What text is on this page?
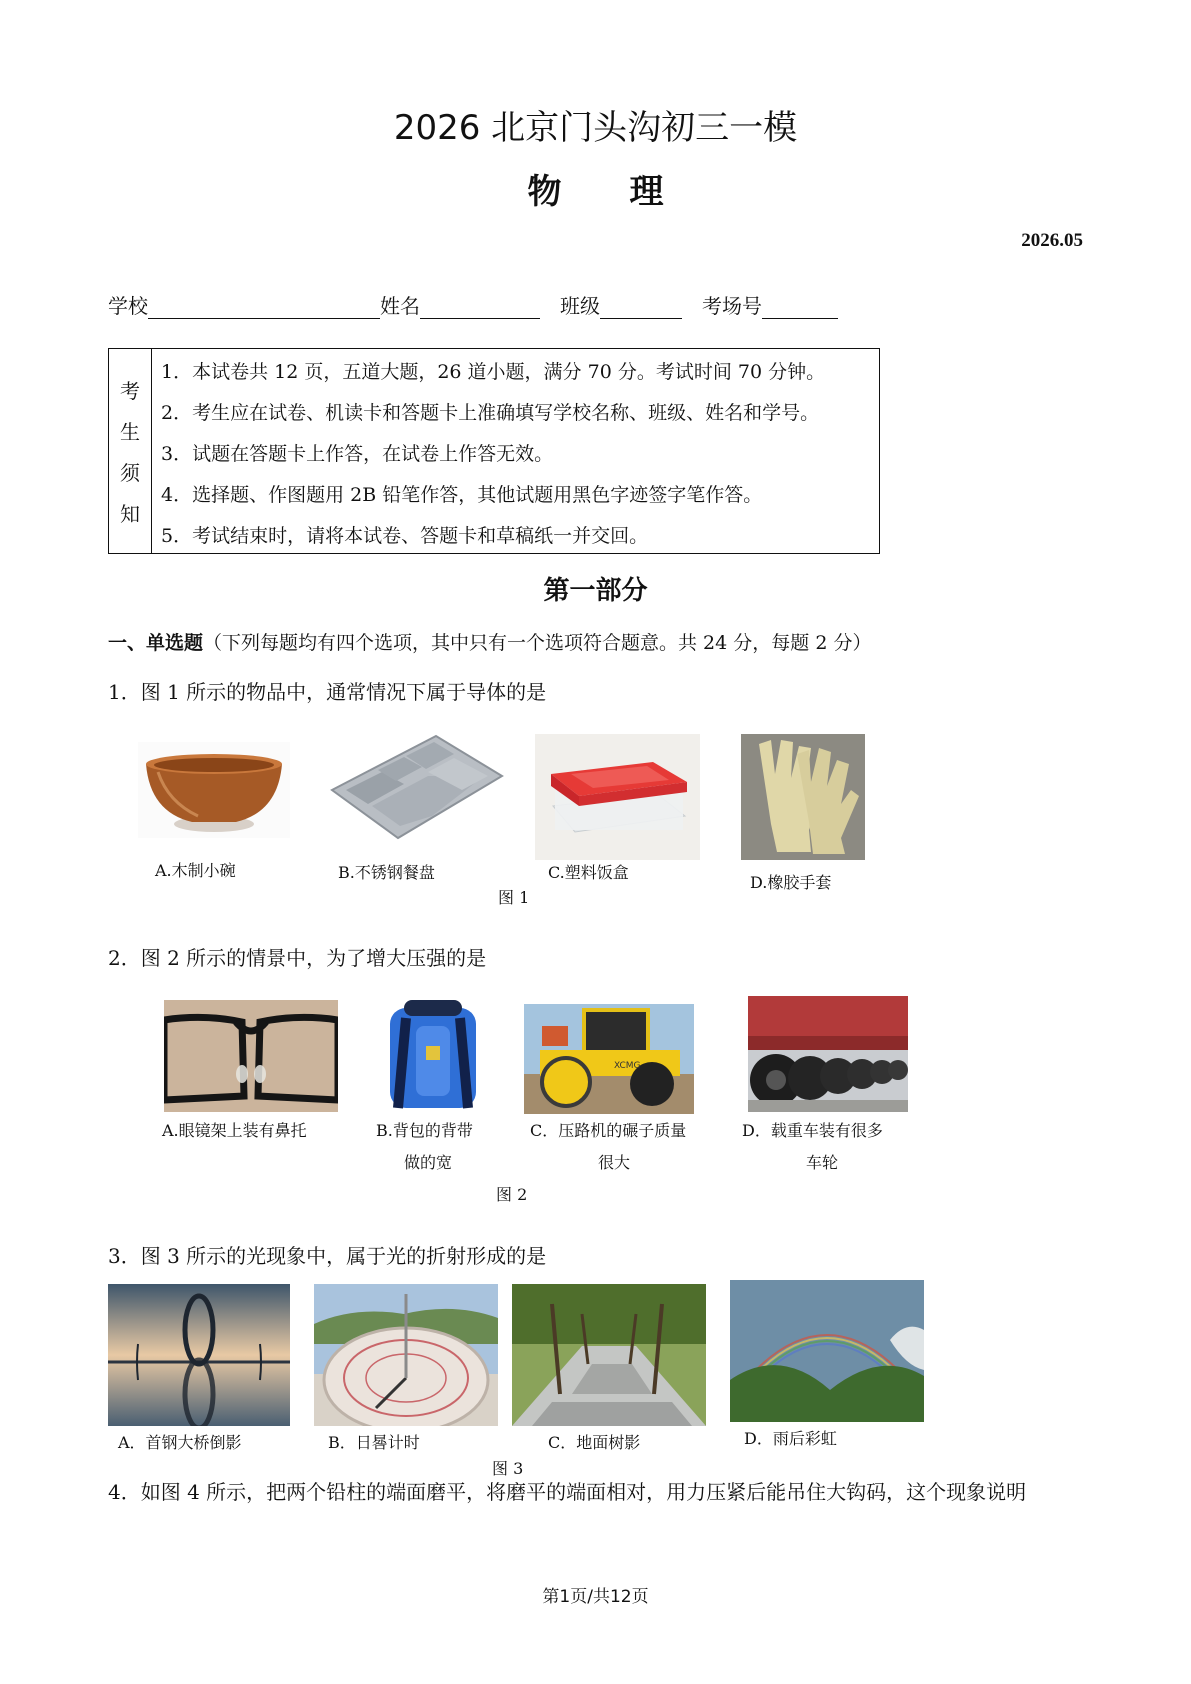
2026 北京门头沟初三一模
物　　理
2026.05
学校	姓名	班级	考场号
考
生
须
知
1．本试卷共 12 页，五道大题，26 道小题，满分 70 分。考试时间 70 分钟。
2．考生应在试卷、机读卡和答题卡上准确填写学校名称、班级、姓名和学号。
3．试题在答题卡上作答，在试卷上作答无效。
4．选择题、作图题用 2B 铅笔作答，其他试题用黑色字迹签字笔作答。
5．考试结束时，请将本试卷、答题卡和草稿纸一并交回。
第一部分
一、单选题（下列每题均有四个选项，其中只有一个选项符合题意。共 24 分，每题 2 分）
1．图 1 所示的物品中，通常情况下属于导体的是
A.木制小碗	B.不锈钢餐盘	C.塑料饭盒
D.橡胶手套
图 1
2．图 2 所示的情景中，为了增大压强的是
A.眼镜架上装有鼻托	B.背包的背带
做的宽
XCMG
C．压路机的碾子质量
很大
D．载重车装有很多
车轮
图 2
3．图 3 所示的光现象中，属于光的折射形成的是
A．首钢大桥倒影	B．日晷计时	C．地面树影	D．雨后彩虹
图 3
4．如图 4 所示，把两个铅柱的端面磨平，将磨平的端面相对，用力压紧后能吊住大钩码，这个现象说明
第1页/共12页
